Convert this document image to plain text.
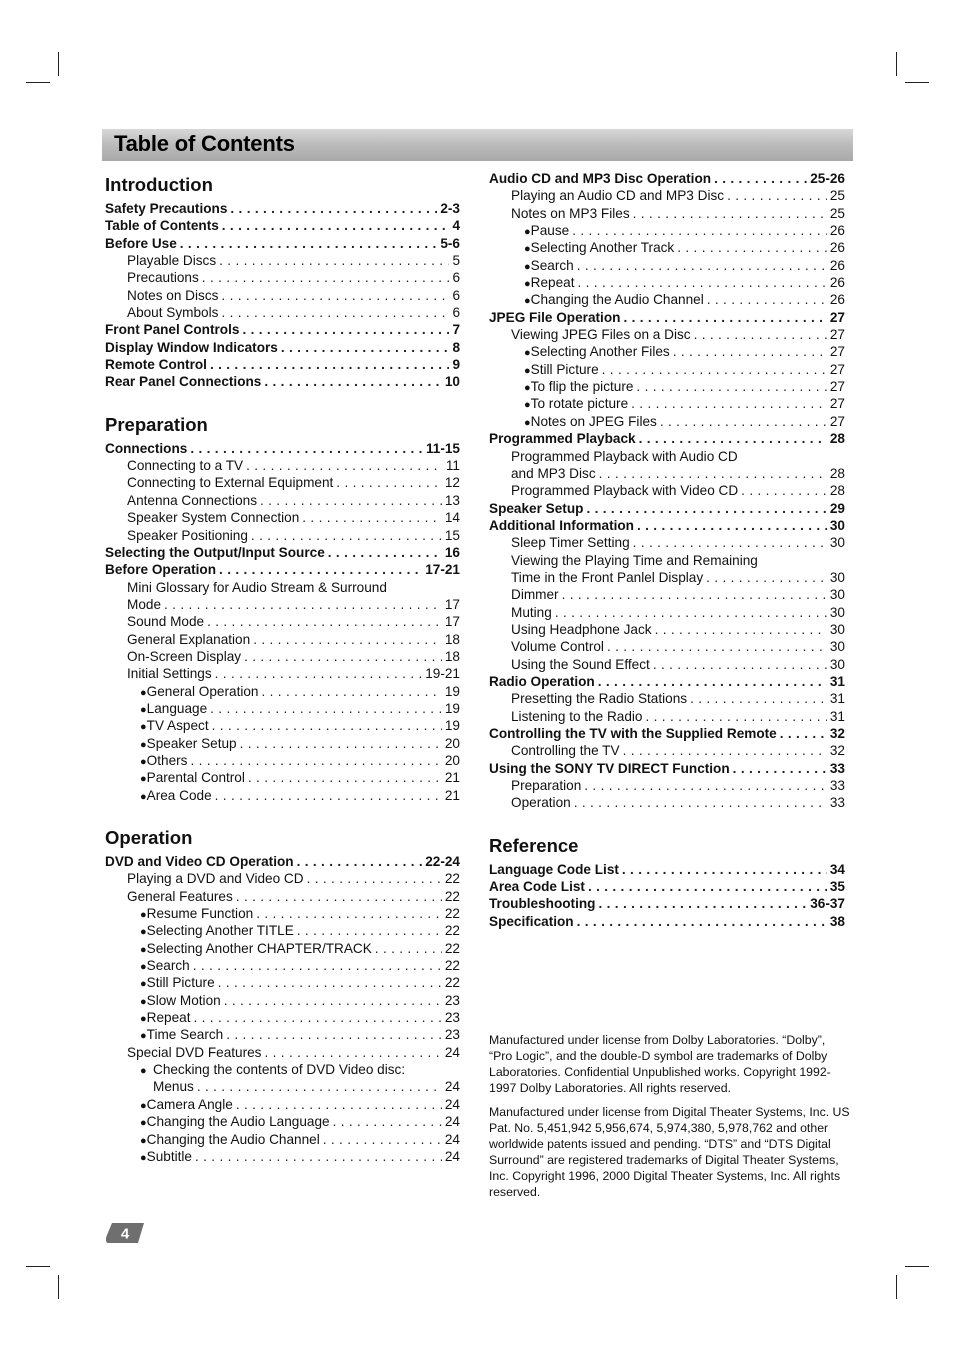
Table of Contents
Introduction
Safety Precautions . . .	2-3
Table of Contents . . .	4
Before Use . . .	5-6
Playable Discs . . .	5
Precautions . . .	6
Notes on Discs . . .	6
About Symbols . . .	6
Front Panel Controls . . .	7
Display Window Indicators . . .	8
Remote Control . . .	9
Rear Panel Connections . . .	10
Preparation
Connections . . .	11-15
Connecting to a TV . . .	11
Connecting to External Equipment . . .	12
Antenna Connections . . .	13
Speaker System Connection . . .	14
Speaker Positioning . . .	15
Selecting the Output/Input Source . . .	16
Before Operation . . .	17-21
Mini Glossary for Audio Stream & Surround
Mode . . .	17
Sound Mode . . .	17
General Explanation . . .	18
On-Screen Display . . .	18
Initial Settings . . .	19-21
● General Operation . . .	19
● Language . . .	19
● TV Aspect . . .	19
● Speaker Setup . . .	20
● Others . . .	20
● Parental Control . . .	21
● Area Code . . .	21
Operation
DVD and Video CD Operation . . .	22-24
Playing a DVD and Video CD . . .	22
General Features . . .	22
● Resume Function . . .	22
● Selecting Another TITLE . . .	22
● Selecting Another CHAPTER/TRACK . . .	22
● Search . . .	22
● Still Picture . . .	22
● Slow Motion . . .	23
● Repeat . . .	23
● Time Search . . .	23
Special DVD Features . . .	24
● Checking the contents of DVD Video disc:
Menus . . .	24
● Camera Angle . . .	24
● Changing the Audio Language . . .	24
● Changing the Audio Channel . . .	24
● Subtitle . . .	24
Audio CD and MP3 Disc Operation . . .	25-26
Playing an Audio CD and MP3 Disc . . .	25
Notes on MP3 Files . . .	25
● Pause . . .	26
● Selecting Another Track . . .	26
● Search . . .	26
● Repeat . . .	26
● Changing the Audio Channel . . .	26
JPEG File Operation . . .	27
Viewing JPEG Files on a Disc . . .	27
● Selecting Another Files . . .	27
● Still Picture . . .	27
● To flip the picture . . .	27
● To rotate picture . . .	27
● Notes on JPEG Files . . .	27
Programmed Playback . . .	28
Programmed Playback with Audio CD
and MP3 Disc . . .	28
Programmed Playback with Video CD . . .	28
Speaker Setup . . .	29
Additional Information . . .	30
Sleep Timer Setting . . .	30
Viewing the Playing Time and Remaining
Time in the Front Panlel Display . . .	30
Dimmer . . .	30
Muting . . .	30
Using Headphone Jack . . .	30
Volume Control . . .	30
Using the Sound Effect . . .	30
Radio Operation . . .	31
Presetting the Radio Stations . . .	31
Listening to the Radio . . .	31
Controlling the TV with the Supplied Remote . . .	32
Controlling the TV . . .	32
Using the SONY TV DIRECT Function . . .	33
Preparation . . .	33
Operation . . .	33
Reference
Language Code List . . .	34
Area Code List . . .	35
Troubleshooting . . .	36-37
Specification . . .	38

Manufactured under license from Dolby Laboratories. “Dolby”, “Pro Logic”, and the double-D symbol are trademarks of Dolby Laboratories. Confidential Unpublished works. Copyright 1992-1997 Dolby Laboratories. All rights reserved.

Manufactured under license from Digital Theater Systems, Inc. US Pat. No. 5,451,942 5,956,674, 5,974,380, 5,978,762 and other worldwide patents issued and pending. “DTS” and “DTS Digital Surround” are registered trademarks of Digital Theater Systems, Inc. Copyright 1996, 2000 Digital Theater Systems, Inc. All rights reserved.

4
